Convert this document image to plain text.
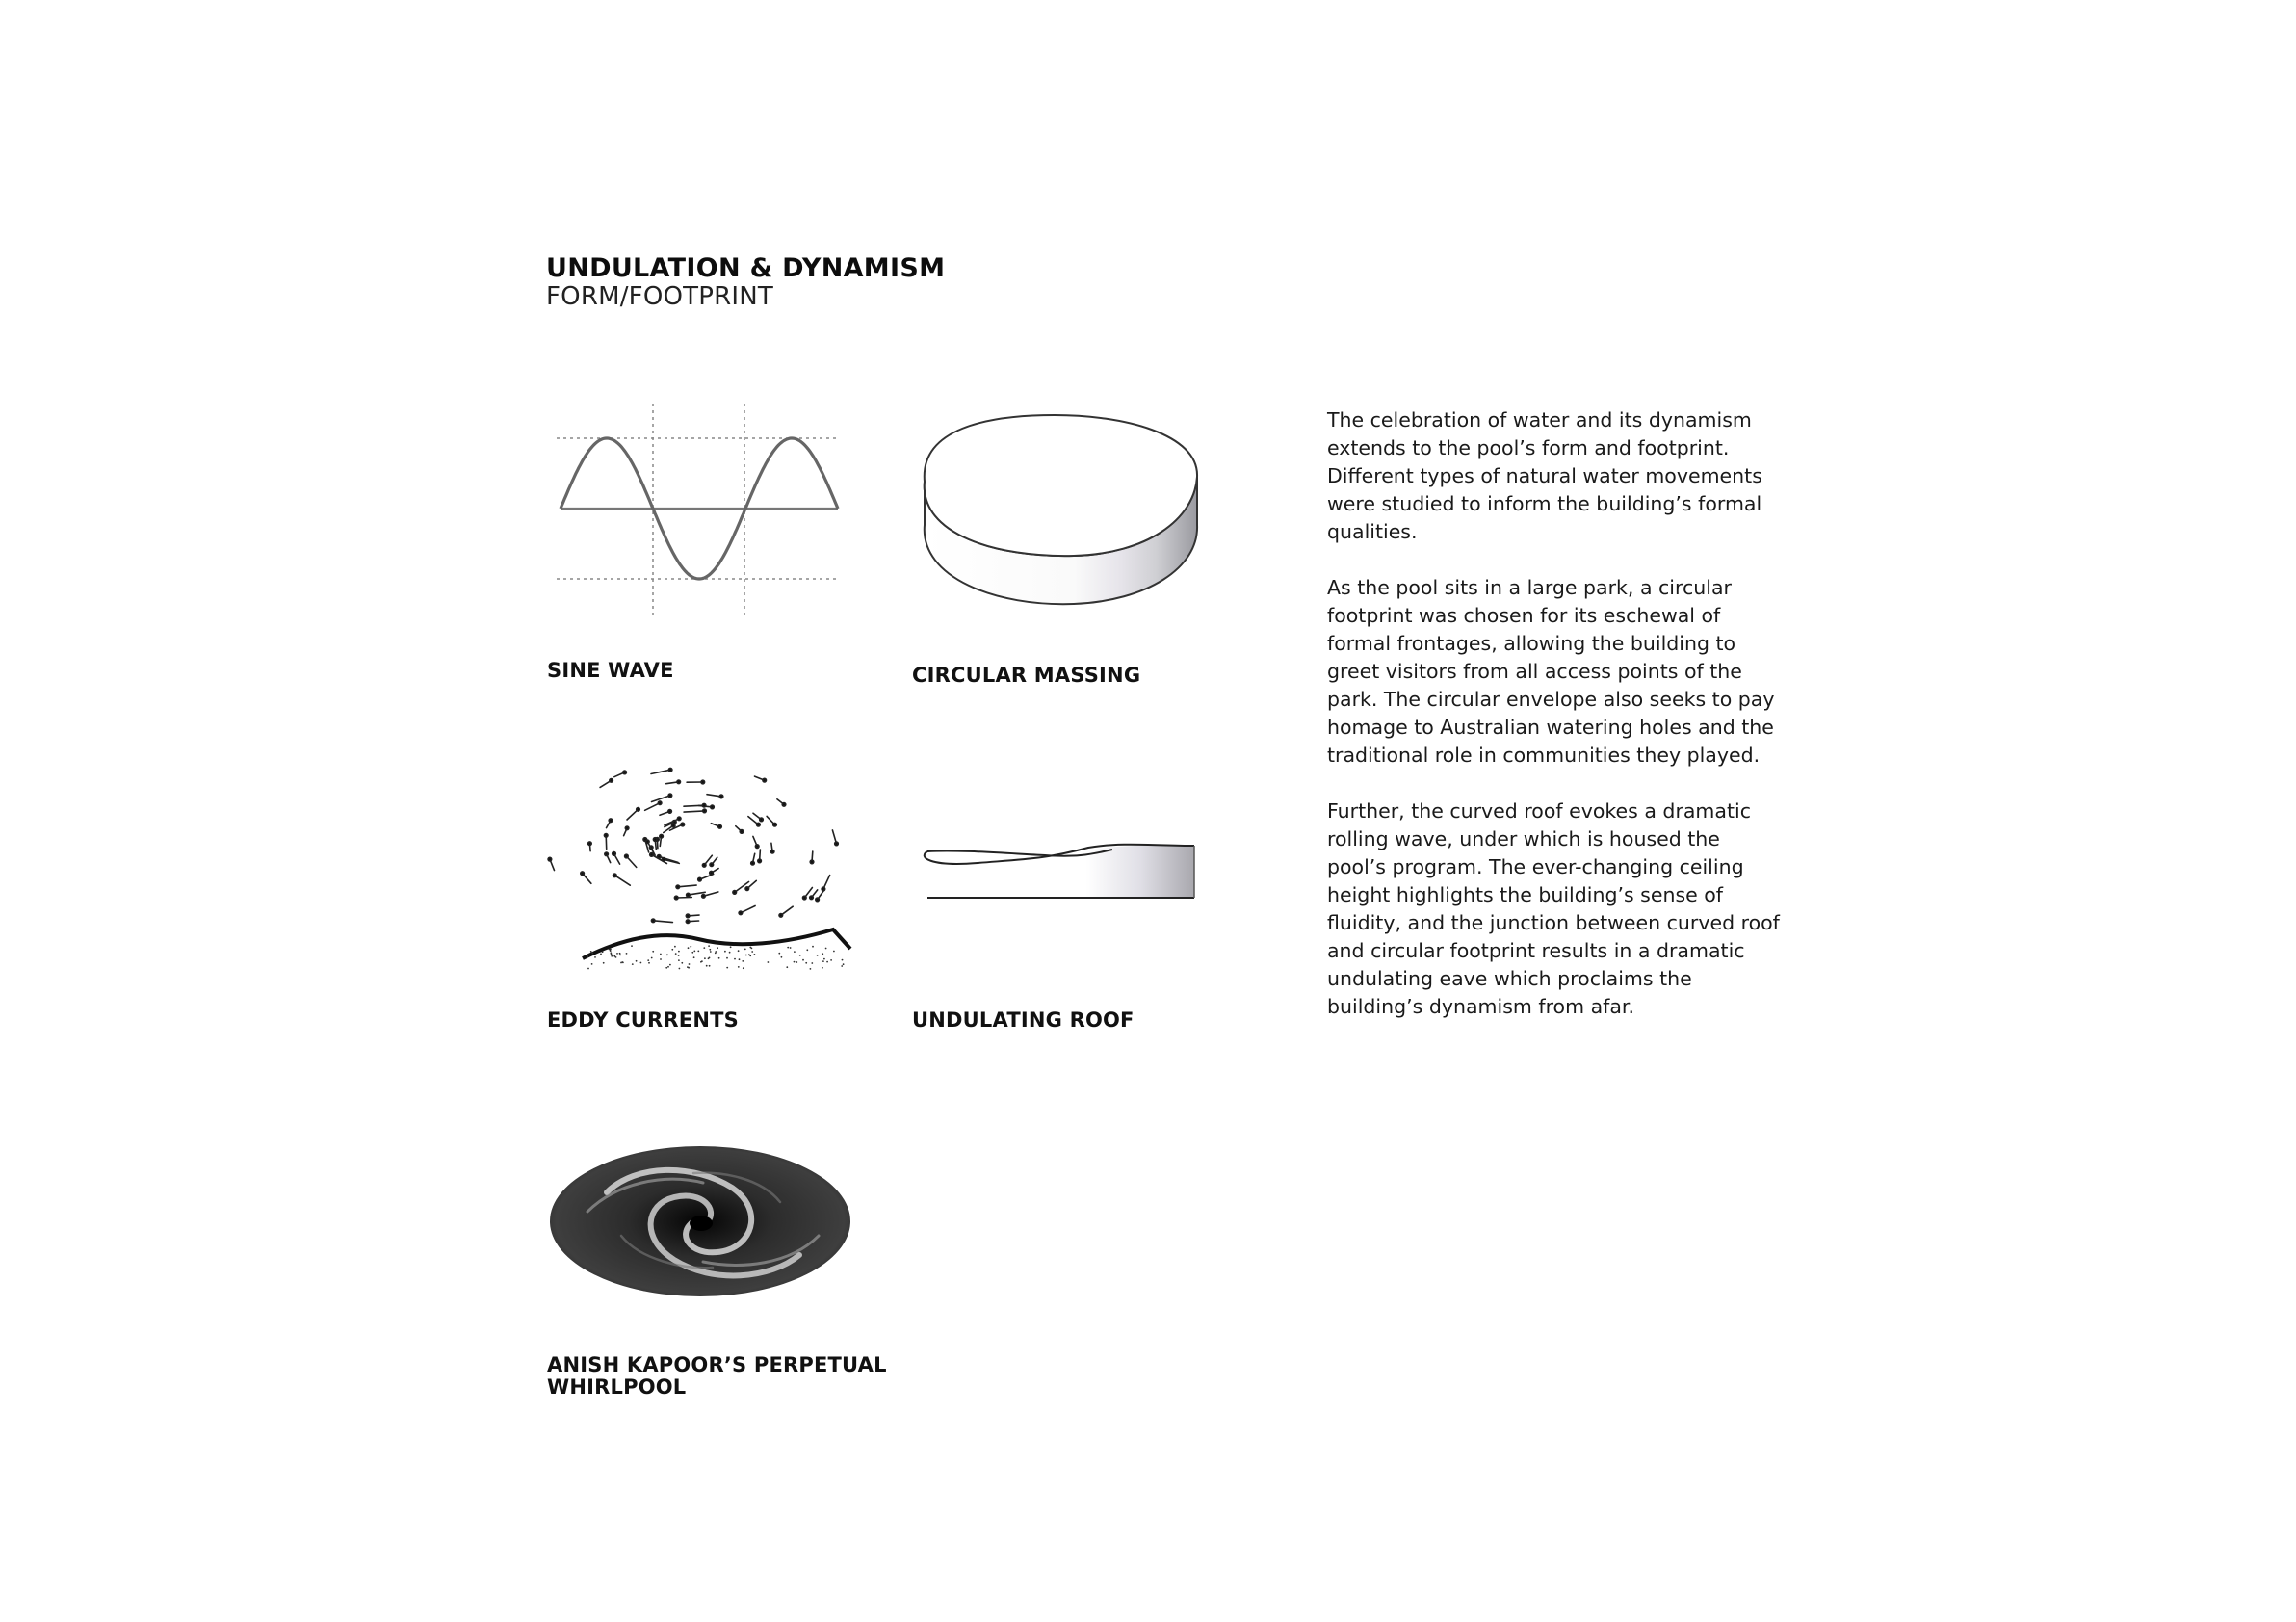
UNDULATION & DYNAMISM
FORM/FOOTPRINT
SINE WAVE	CIRCULAR MASSING
EDDY CURRENTS	UNDULATING ROOF
ANISH KAPOOR’S PERPETUAL
WHIRLPOOL

The celebration of water and its dynamism extends to the pool’s form and footprint. Different types of natural water movements were studied to inform the building’s formal qualities.

As the pool sits in a large park, a circular footprint was chosen for its eschewal of formal frontages, allowing the building to greet visitors from all access points of the park. The circular envelope also seeks to pay homage to Australian watering holes and the traditional role in communities they played.

Further, the curved roof evokes a dramatic rolling wave, under which is housed the pool’s program. The ever-changing ceiling height highlights the building’s sense of fluidity, and the junction between curved roof and circular footprint results in a dramatic undulating eave which proclaims the building’s dynamism from afar.
